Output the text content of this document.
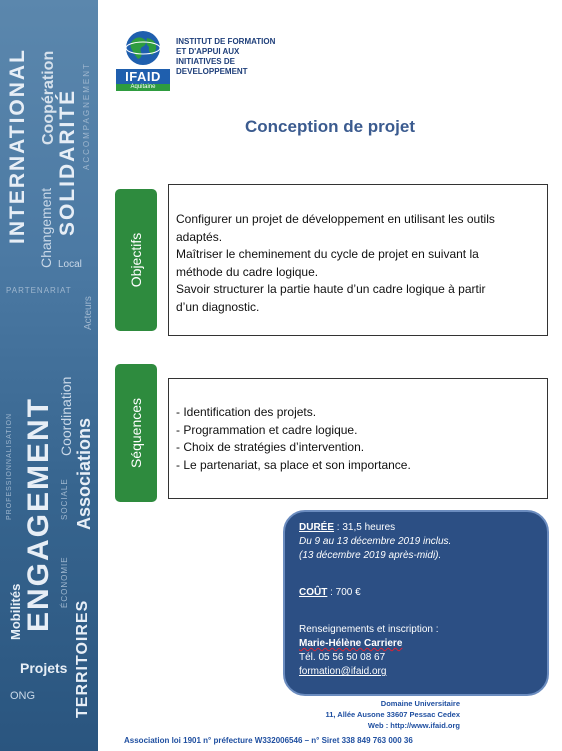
INTERNATIONAL Changement
Coopération SOLIDARITÉ ACCOMPAGNEMENT
Local
Acteurs
PARTENARIAT
PROFESSIONNALISATION ENGAGEMENT Coordination
Associations
SOCIALE
ÉCONOMIE
Mobilités	TERRITOIRES
Projets
ONG
IFAID
Aquitaine
INSTITUT DE FORMATION
ET D'APPUI AUX
INITIATIVES DE
DEVELOPPEMENT
Conception de projet
Objectifs

Configurer un projet de développement en utilisant les outils

adaptés.

Maîtriser le cheminement du cycle de projet en suivant la

méthode du cadre logique.

Savoir structurer la partie haute d’un cadre logique à partir

d’un diagnostic.

Séquences	- Identification des projets.

- Programmation et cadre logique.

- Choix de stratégies d’intervention.

- Le partenariat, sa place et son importance.

DURÉE : 31,5 heures
Du 9 au 13 décembre 2019 inclus.
(13 décembre 2019 après-midi).
COÛT : 700 €
Renseignements et inscription :
Marie-Hélène Carriere
Tél. 05 56 50 08 67
formation@ifaid.org
Domaine Universitaire
11, Allée Ausone 33607 Pessac Cedex
Web : http://www.ifaid.org
Association loi 1901 n° préfecture W332006546 – n° Siret 338 849 763 000 36
